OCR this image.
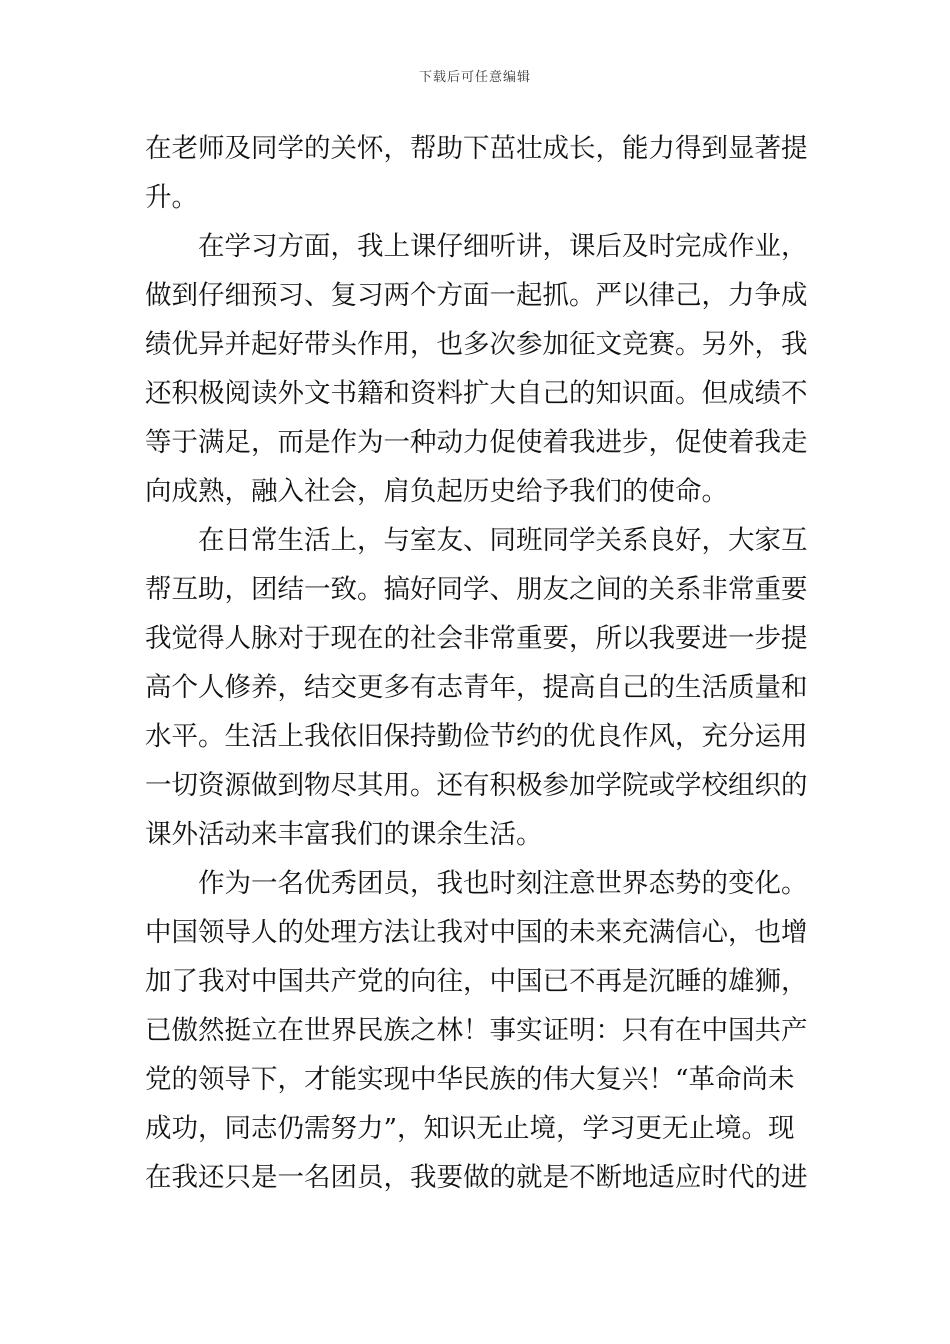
下载后可任意编辑
在老师及同学的关怀，帮助下茁壮成长，能力得到显著提
升。
在学习方面，我上课仔细听讲，课后及时完成作业，
做到仔细预习、复习两个方面一起抓。严以律己，力争成
绩优异并起好带头作用，也多次参加征文竞赛。另外，我
还积极阅读外文书籍和资料扩大自己的知识面。但成绩不
等于满足，而是作为一种动力促使着我进步，促使着我走
向成熟，融入社会，肩负起历史给予我们的使命。
在日常生活上，与室友、同班同学关系良好，大家互
帮互助，团结一致。搞好同学、朋友之间的关系非常重要
我觉得人脉对于现在的社会非常重要，所以我要进一步提
高个人修养，结交更多有志青年，提高自己的生活质量和
水平。生活上我依旧保持勤俭节约的优良作风，充分运用
一切资源做到物尽其用。还有积极参加学院或学校组织的
课外活动来丰富我们的课余生活。
作为一名优秀团员，我也时刻注意世界态势的变化。
中国领导人的处理方法让我对中国的未来充满信心，也增
加了我对中国共产党的向往，中国已不再是沉睡的雄狮，
已傲然挺立在世界民族之林！事实证明：只有在中国共产
党的领导下，才能实现中华民族的伟大复兴！“革命尚未
成功，同志仍需努力”，知识无止境，学习更无止境。现
在我还只是一名团员，我要做的就是不断地适应时代的进
